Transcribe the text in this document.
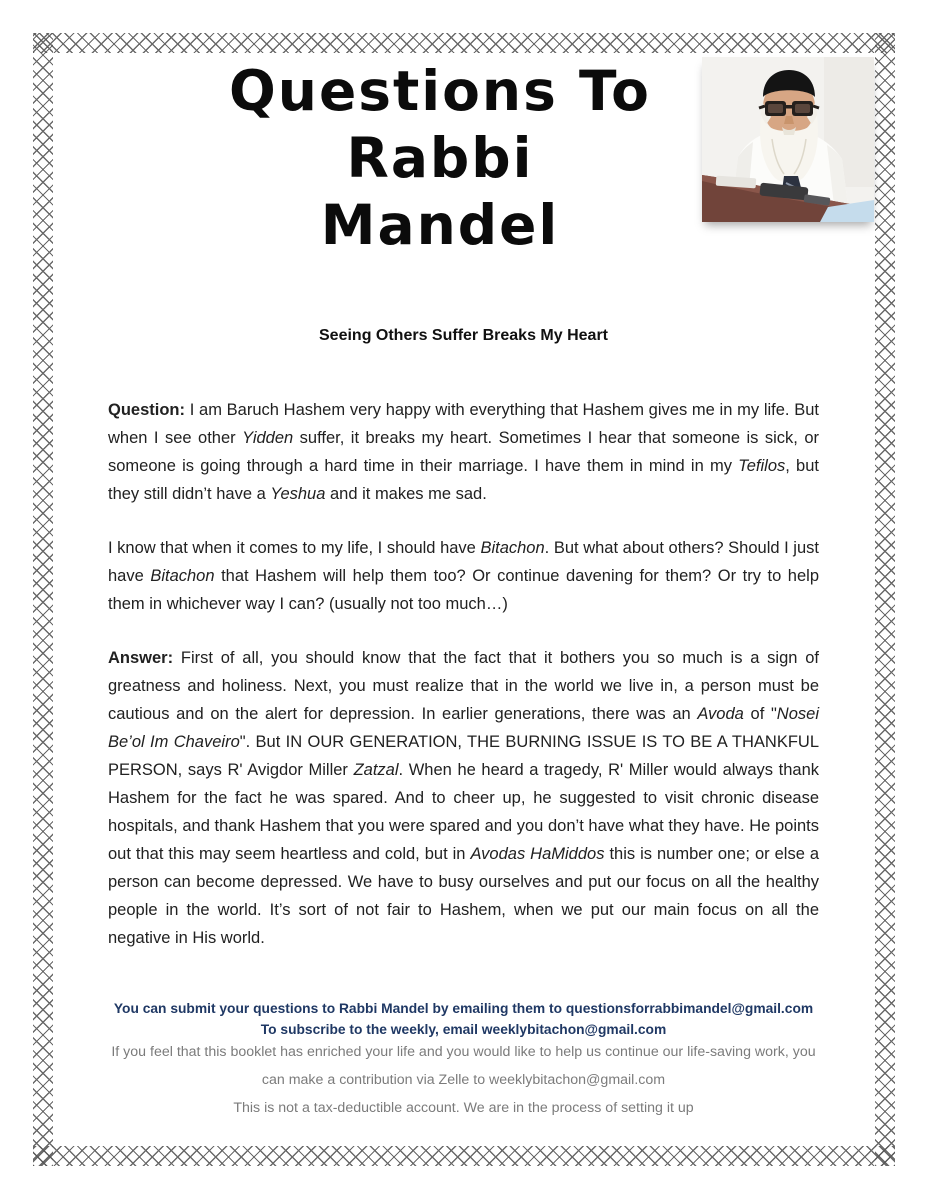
Questions To
Rabbi
Mandel
Seeing Others Suffer Breaks My Heart

Question: I am Baruch Hashem very happy with everything that Hashem gives me in my life. But when I see other Yidden suffer, it breaks my heart. Sometimes I hear that someone is sick, or someone is going through a hard time in their marriage. I have them in mind in my Tefilos, but they still didn’t have a Yeshua and it makes me sad.

I know that when it comes to my life, I should have Bitachon. But what about others? Should I just have Bitachon that Hashem will help them too? Or continue davening for them? Or try to help them in whichever way I can? (usually not too much…)

Answer: First of all, you should know that the fact that it bothers you so much is a sign of greatness and holiness. Next, you must realize that in the world we live in, a person must be cautious and on the alert for depression. In earlier generations, there was an Avoda of "Nosei Be’ol Im Chaveiro". But IN OUR GENERATION, THE BURNING ISSUE IS TO BE A THANKFUL PERSON, says R' Avigdor Miller Zatzal. When he heard a tragedy, R' Miller would always thank Hashem for the fact he was spared. And to cheer up, he suggested to visit chronic disease hospitals, and thank Hashem that you were spared and you don’t have what they have. He points out that this may seem heartless and cold, but in Avodas HaMiddos this is number one; or else a person can become depressed. We have to busy ourselves and put our focus on all the healthy people in the world. It’s sort of not fair to Hashem, when we put our main focus on all the negative in His world.

You can submit your questions to Rabbi Mandel by emailing them to questionsforrabbimandel@gmail.com
To subscribe to the weekly, email weeklybitachon@gmail.com
If you feel that this booklet has enriched your life and you would like to help us continue our life-saving work, you
can make a contribution via Zelle to weeklybitachon@gmail.com
This is not a tax-deductible account. We are in the process of setting it up
